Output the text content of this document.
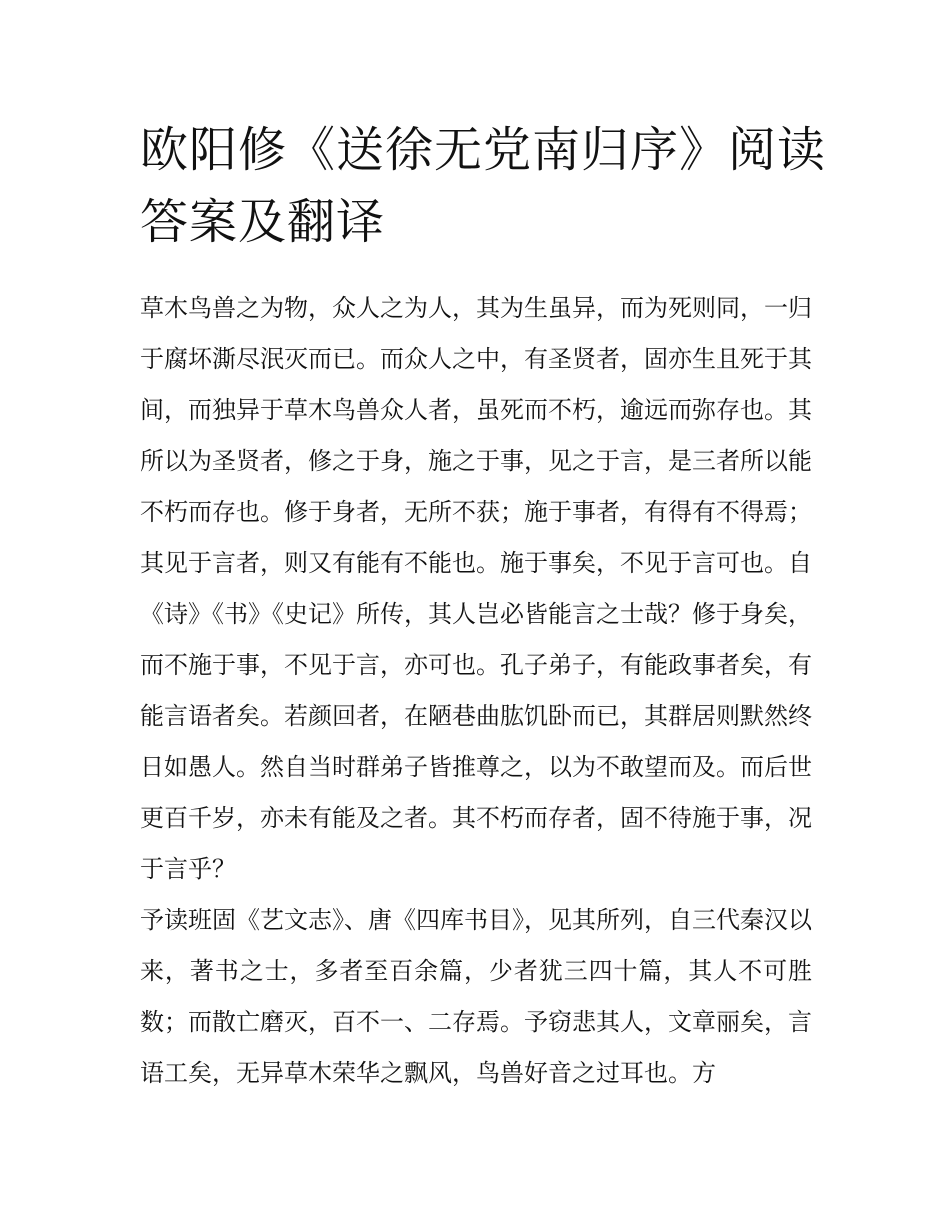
欧阳修《送徐无党南归序》阅读答案及翻译

草木鸟兽之为物，众人之为人，其为生虽异，而为死则同，一归于腐坏澌尽泯灭而已。而众人之中，有圣贤者，固亦生且死于其间，而独异于草木鸟兽众人者，虽死而不朽，逾远而弥存也。其所以为圣贤者，修之于身，施之于事，见之于言，是三者所以能不朽而存也。修于身者，无所不获；施于事者，有得有不得焉；其见于言者，则又有能有不能也。施于事矣，不见于言可也。自《诗》《书》《史记》所传，其人岂必皆能言之士哉？修于身矣，而不施于事，不见于言，亦可也。孔子弟子，有能政事者矣，有能言语者矣。若颜回者，在陋巷曲肱饥卧而已，其群居则默然终日如愚人。然自当时群弟子皆推尊之，以为不敢望而及。而后世更百千岁，亦未有能及之者。其不朽而存者，固不待施于事，况于言乎？

予读班固《艺文志》、唐《四库书目》，见其所列，自三代秦汉以来，著书之士，多者至百余篇，少者犹三四十篇，其人不可胜数；而散亡磨灭，百不一、二存焉。予窃悲其人，文章丽矣，言语工矣，无异草木荣华之飘风，鸟兽好音之过耳也。方
